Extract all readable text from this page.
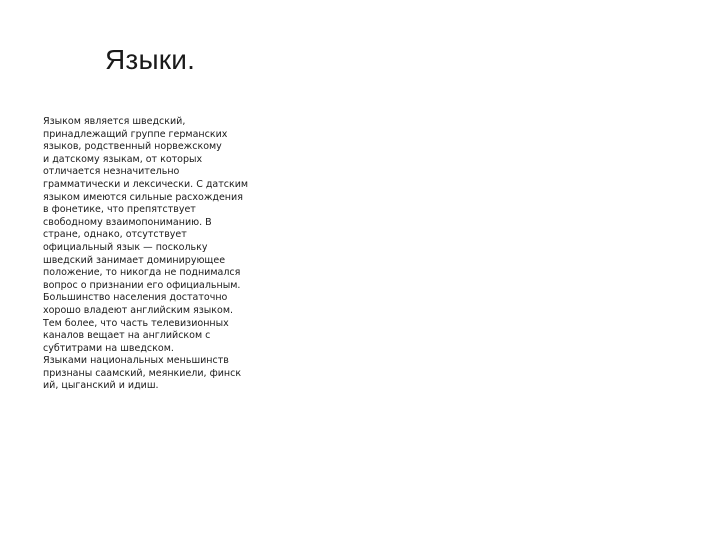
Языки.

Языком является шведский,
принадлежащий группе германских
языков, родственный норвежскому
и датскому языкам, от которых
отличается незначительно
грамматически и лексически. С датским
языком имеются сильные расхождения
в фонетике, что препятствует
свободному взаимопониманию. В
стране, однако, отсутствует
официальный язык — поскольку
шведский занимает доминирующее
положение, то никогда не поднимался
вопрос о признании его официальным.
Большинство населения достаточно
хорошо владеют английским языком.
Тем более, что часть телевизионных
каналов вещает на английском с
субтитрами на шведском.
Языками национальных меньшинств
признаны саамский, меянкиели, финск
ий, цыганский и идиш.
